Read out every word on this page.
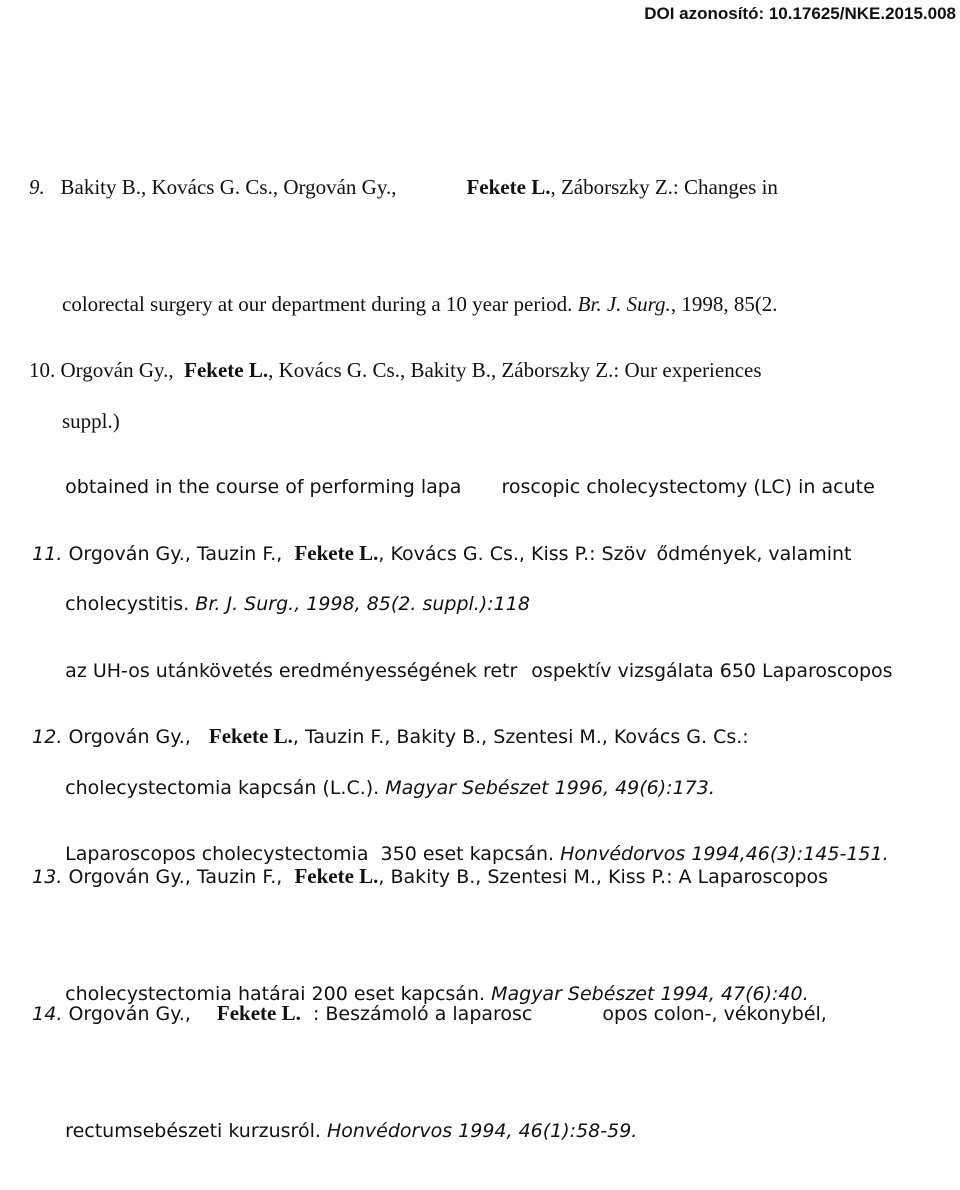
DOI azonosító: 10.17625/NKE.2015.008

9. Bakity B., Kovács G. Cs., Orgován Gy.,	Fekete L., Záborszky Z.: Changes in

colorectal surgery at our department during a 10 year period. Br. J. Surg., 1998, 85(2.

suppl.)

10. Orgován Gy., Fekete L., Kovács G. Cs., Bakity B., Záborszky Z.: Our experiences

obtained in the course of performing lapa roscopic cholecystectomy (LC) in acute

cholecystitis. Br. J. Surg., 1998, 85(2. suppl.):118

11. Orgován Gy., Tauzin F., Fekete L., Kovács G. Cs., Kiss P.: Szöv ődmények, valamint

az UH-os utánkövetés eredményességének retr ospektív vizsgálata 650 Laparoscopos

cholecystectomia kapcsán (L.C.). Magyar Sebészet 1996, 49(6):173.

12. Orgován Gy., Fekete L., Tauzin F., Bakity B., Szentesi M., Kovács G. Cs.:

Laparoscopos cholecystectomia  350 eset kapcsán. Honvédorvos 1994,46(3):145-151.

13. Orgován Gy., Tauzin F., Fekete L., Bakity B., Szentesi M., Kiss P.: A Laparoscopos

cholecystectomia határai 200 eset kapcsán. Magyar Sebészet 1994, 47(6):40.

14. Orgován Gy., Fekete L. : Beszámoló a laparosc	opos colon-, vékonybél,

rectumsebészeti kurzusról. Honvédorvos 1994, 46(1):58-59.
